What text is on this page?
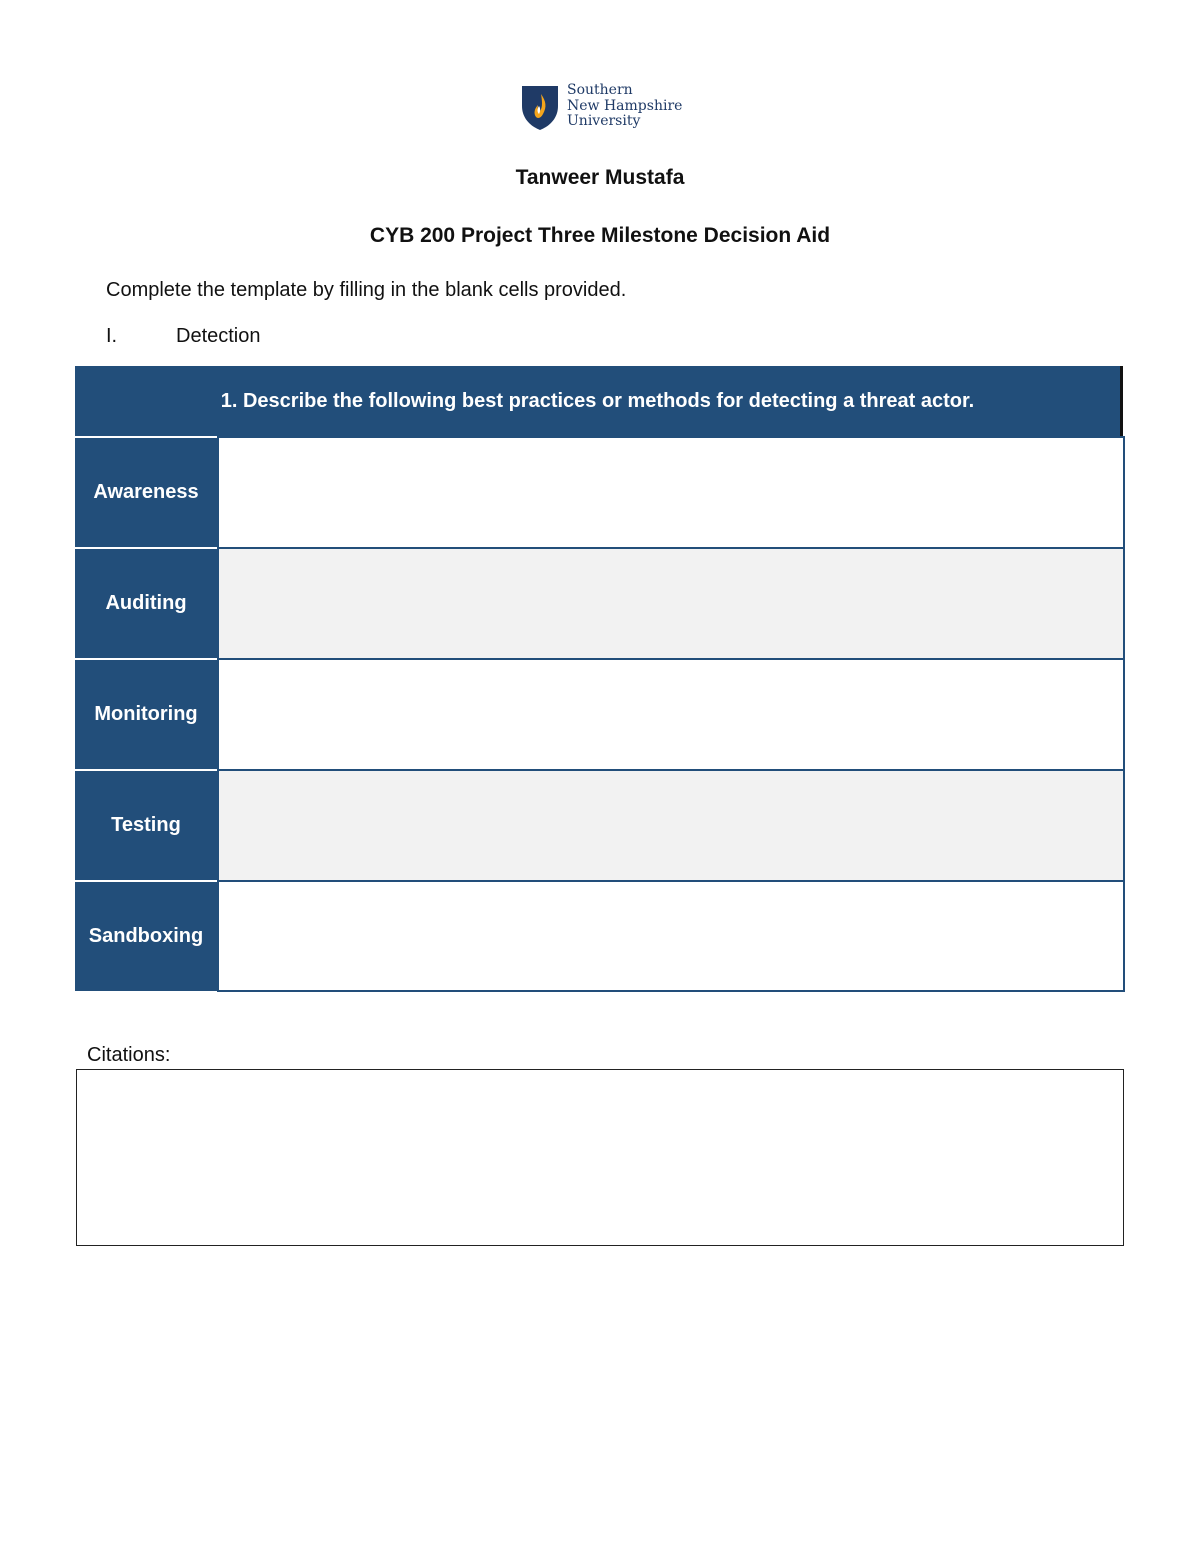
Southern
New Hampshire
University
Tanweer Mustafa
CYB 200 Project Three Milestone Decision Aid
Complete the template by filling in the blank cells provided.
I.	Detection
1. Describe the following best practices or methods for detecting a threat actor.
Awareness
Auditing
Monitoring
Testing
Sandboxing
Citations:
